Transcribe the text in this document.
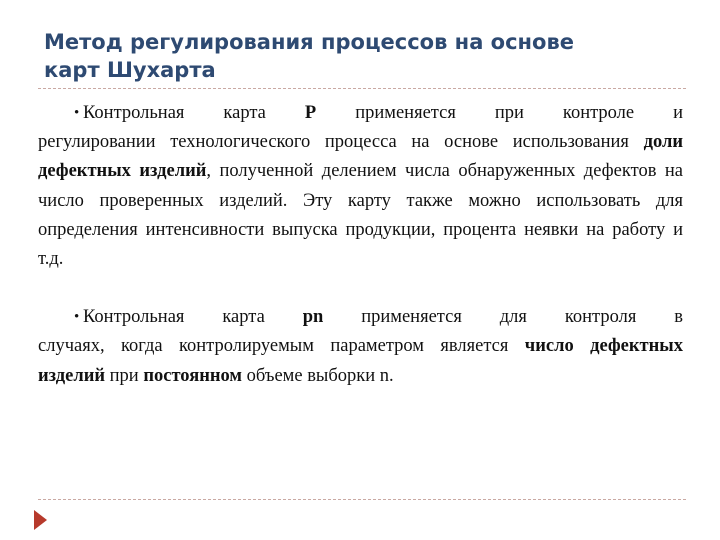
Метод регулирования процессов на основе
карт Шухарта

• Контрольная карта Р применяется при контроле и
регулировании технологического процесса на основе использования доли дефектных изделий, полученной делением числа обнаруженных дефектов на число проверенных изделий. Эту карту также можно использовать для определения интенсивности выпуска продукции, процента неявки на работу и т.д.

• Контрольная карта pn применяется для контроля в
случаях, когда контролируемым параметром является число дефектных изделий при постоянном объеме выборки n.
